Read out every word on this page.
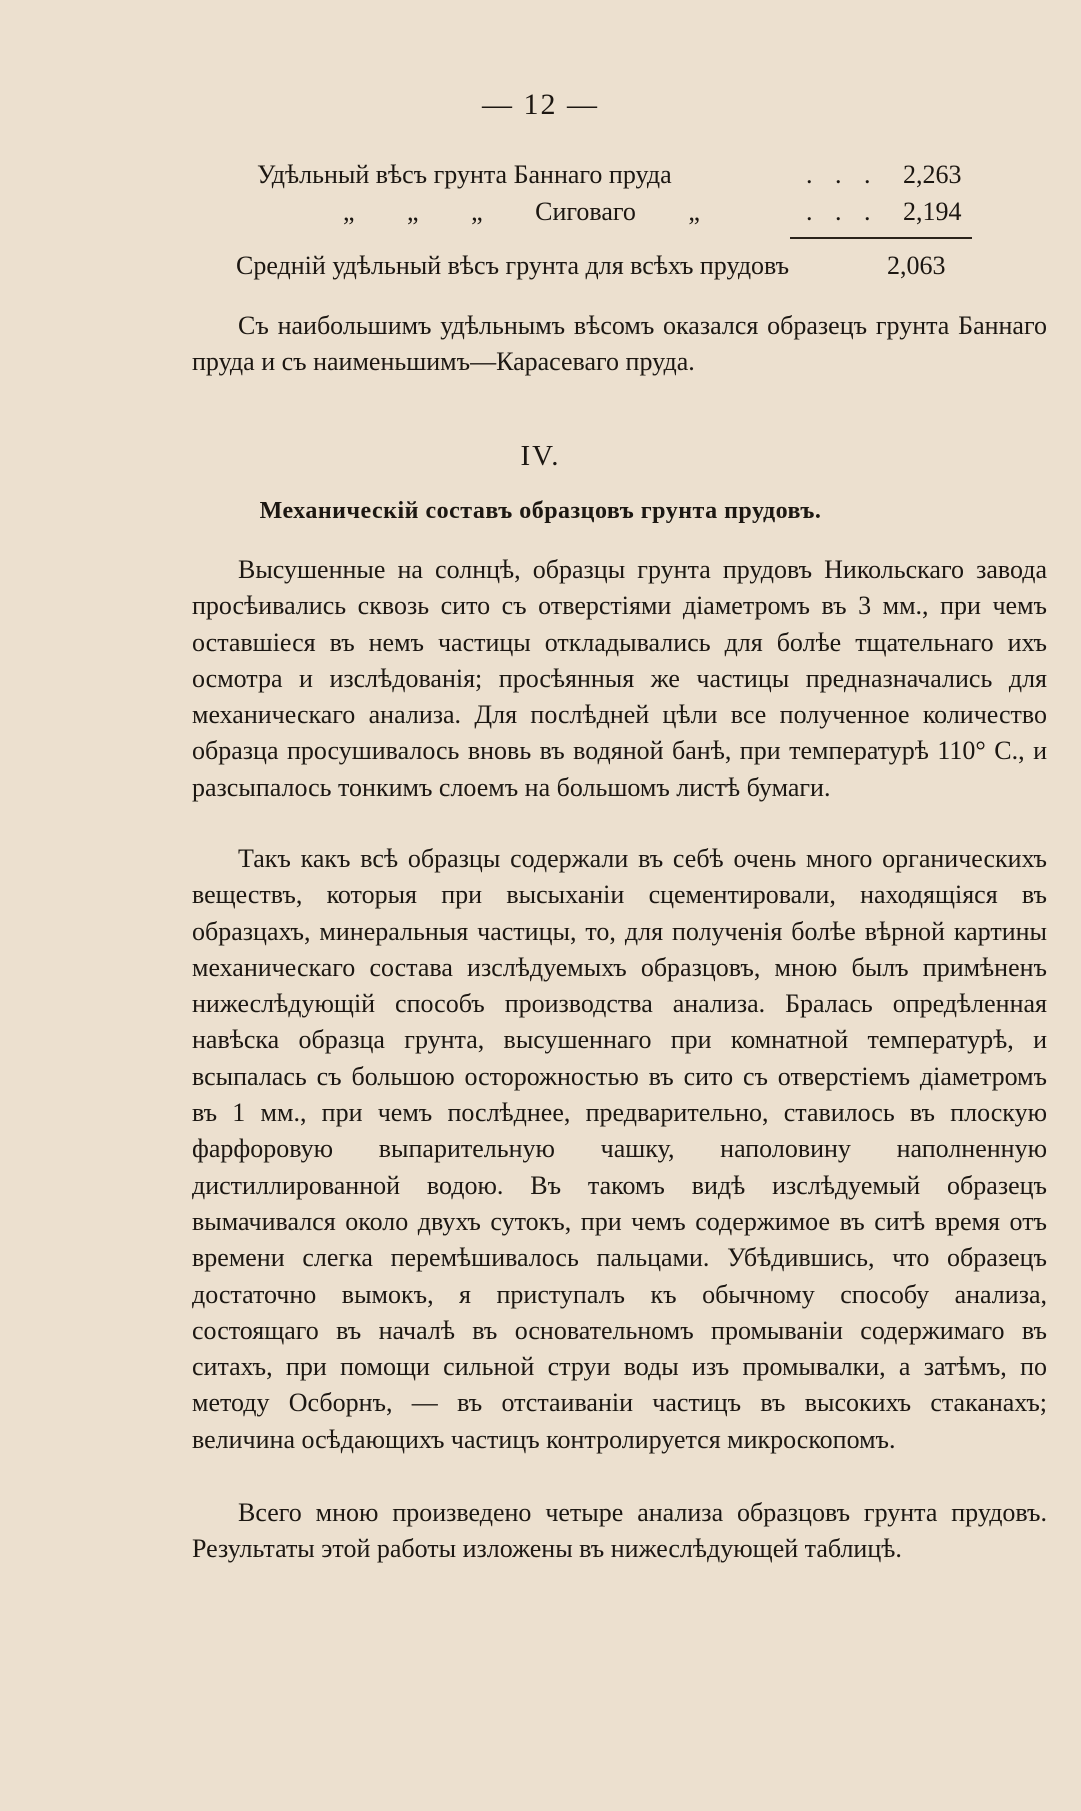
— 12 —
Удѣльный вѣсъ грунта Баннаго пруда	. . . 2,263
„ „ „ Сиговаго „	. . . 2,194
Среднiй удѣльный вѣсъ грунта для всѣхъ прудовъ	2,063

Съ наибольшимъ удѣльнымъ вѣсомъ оказался образецъ грунта Баннаго пруда и съ наименьшимъ—Карасеваго пруда.

IV.
Механическiй составъ образцовъ грунта прудовъ.

Высушенные на солнцѣ, образцы грунта прудовъ Никольскаго завода просѣивались сквозь сито съ отверстiями дiаметромъ въ 3 мм., при чемъ оставшiеся въ немъ частицы откладывались для болѣе тщательнаго ихъ осмотра и изслѣдованiя; просѣянныя же частицы предназначались для механическаго анализа. Для послѣдней цѣли все полученное количество образца просушивалось вновь въ водяной банѣ, при температурѣ 110° С., и разсыпалось тонкимъ слоемъ на большомъ листѣ бумаги.

Такъ какъ всѣ образцы содержали въ себѣ очень много органическихъ веществъ, которыя при высыханiи сцементировали, находящiяся въ образцахъ, минеральныя частицы, то, для полученiя болѣе вѣрной картины механическаго состава изслѣдуемыхъ образцовъ, мною былъ примѣненъ нижеслѣдующiй способъ производства анализа. Бралась опредѣленная навѣска образца грунта, высушеннаго при комнатной температурѣ, и всыпалась съ большою осторожностью въ сито съ отверстiемъ дiаметромъ въ 1 мм., при чемъ послѣднее, предварительно, ставилось въ плоскую фарфоровую выпарительную чашку, наполовину наполненную дистиллированной водою. Въ такомъ видѣ изслѣдуемый образецъ вымачивался около двухъ сутокъ, при чемъ содержимое въ ситѣ время отъ времени слегка перемѣшивалось пальцами. Убѣдившись, что образецъ достаточно вымокъ, я приступалъ къ обычному способу анализа, состоящаго въ началѣ въ основательномъ промыванiи содержимаго въ ситахъ, при помощи сильной струи воды изъ промывалки, а затѣмъ, по методу Осборнъ, — въ отстаиванiи частицъ въ высокихъ стаканахъ; величина осѣдающихъ частицъ контролируется микроскопомъ.

Всего мною произведено четыре анализа образцовъ грунта прудовъ. Результаты этой работы изложены въ нижеслѣдующей таблицѣ.
